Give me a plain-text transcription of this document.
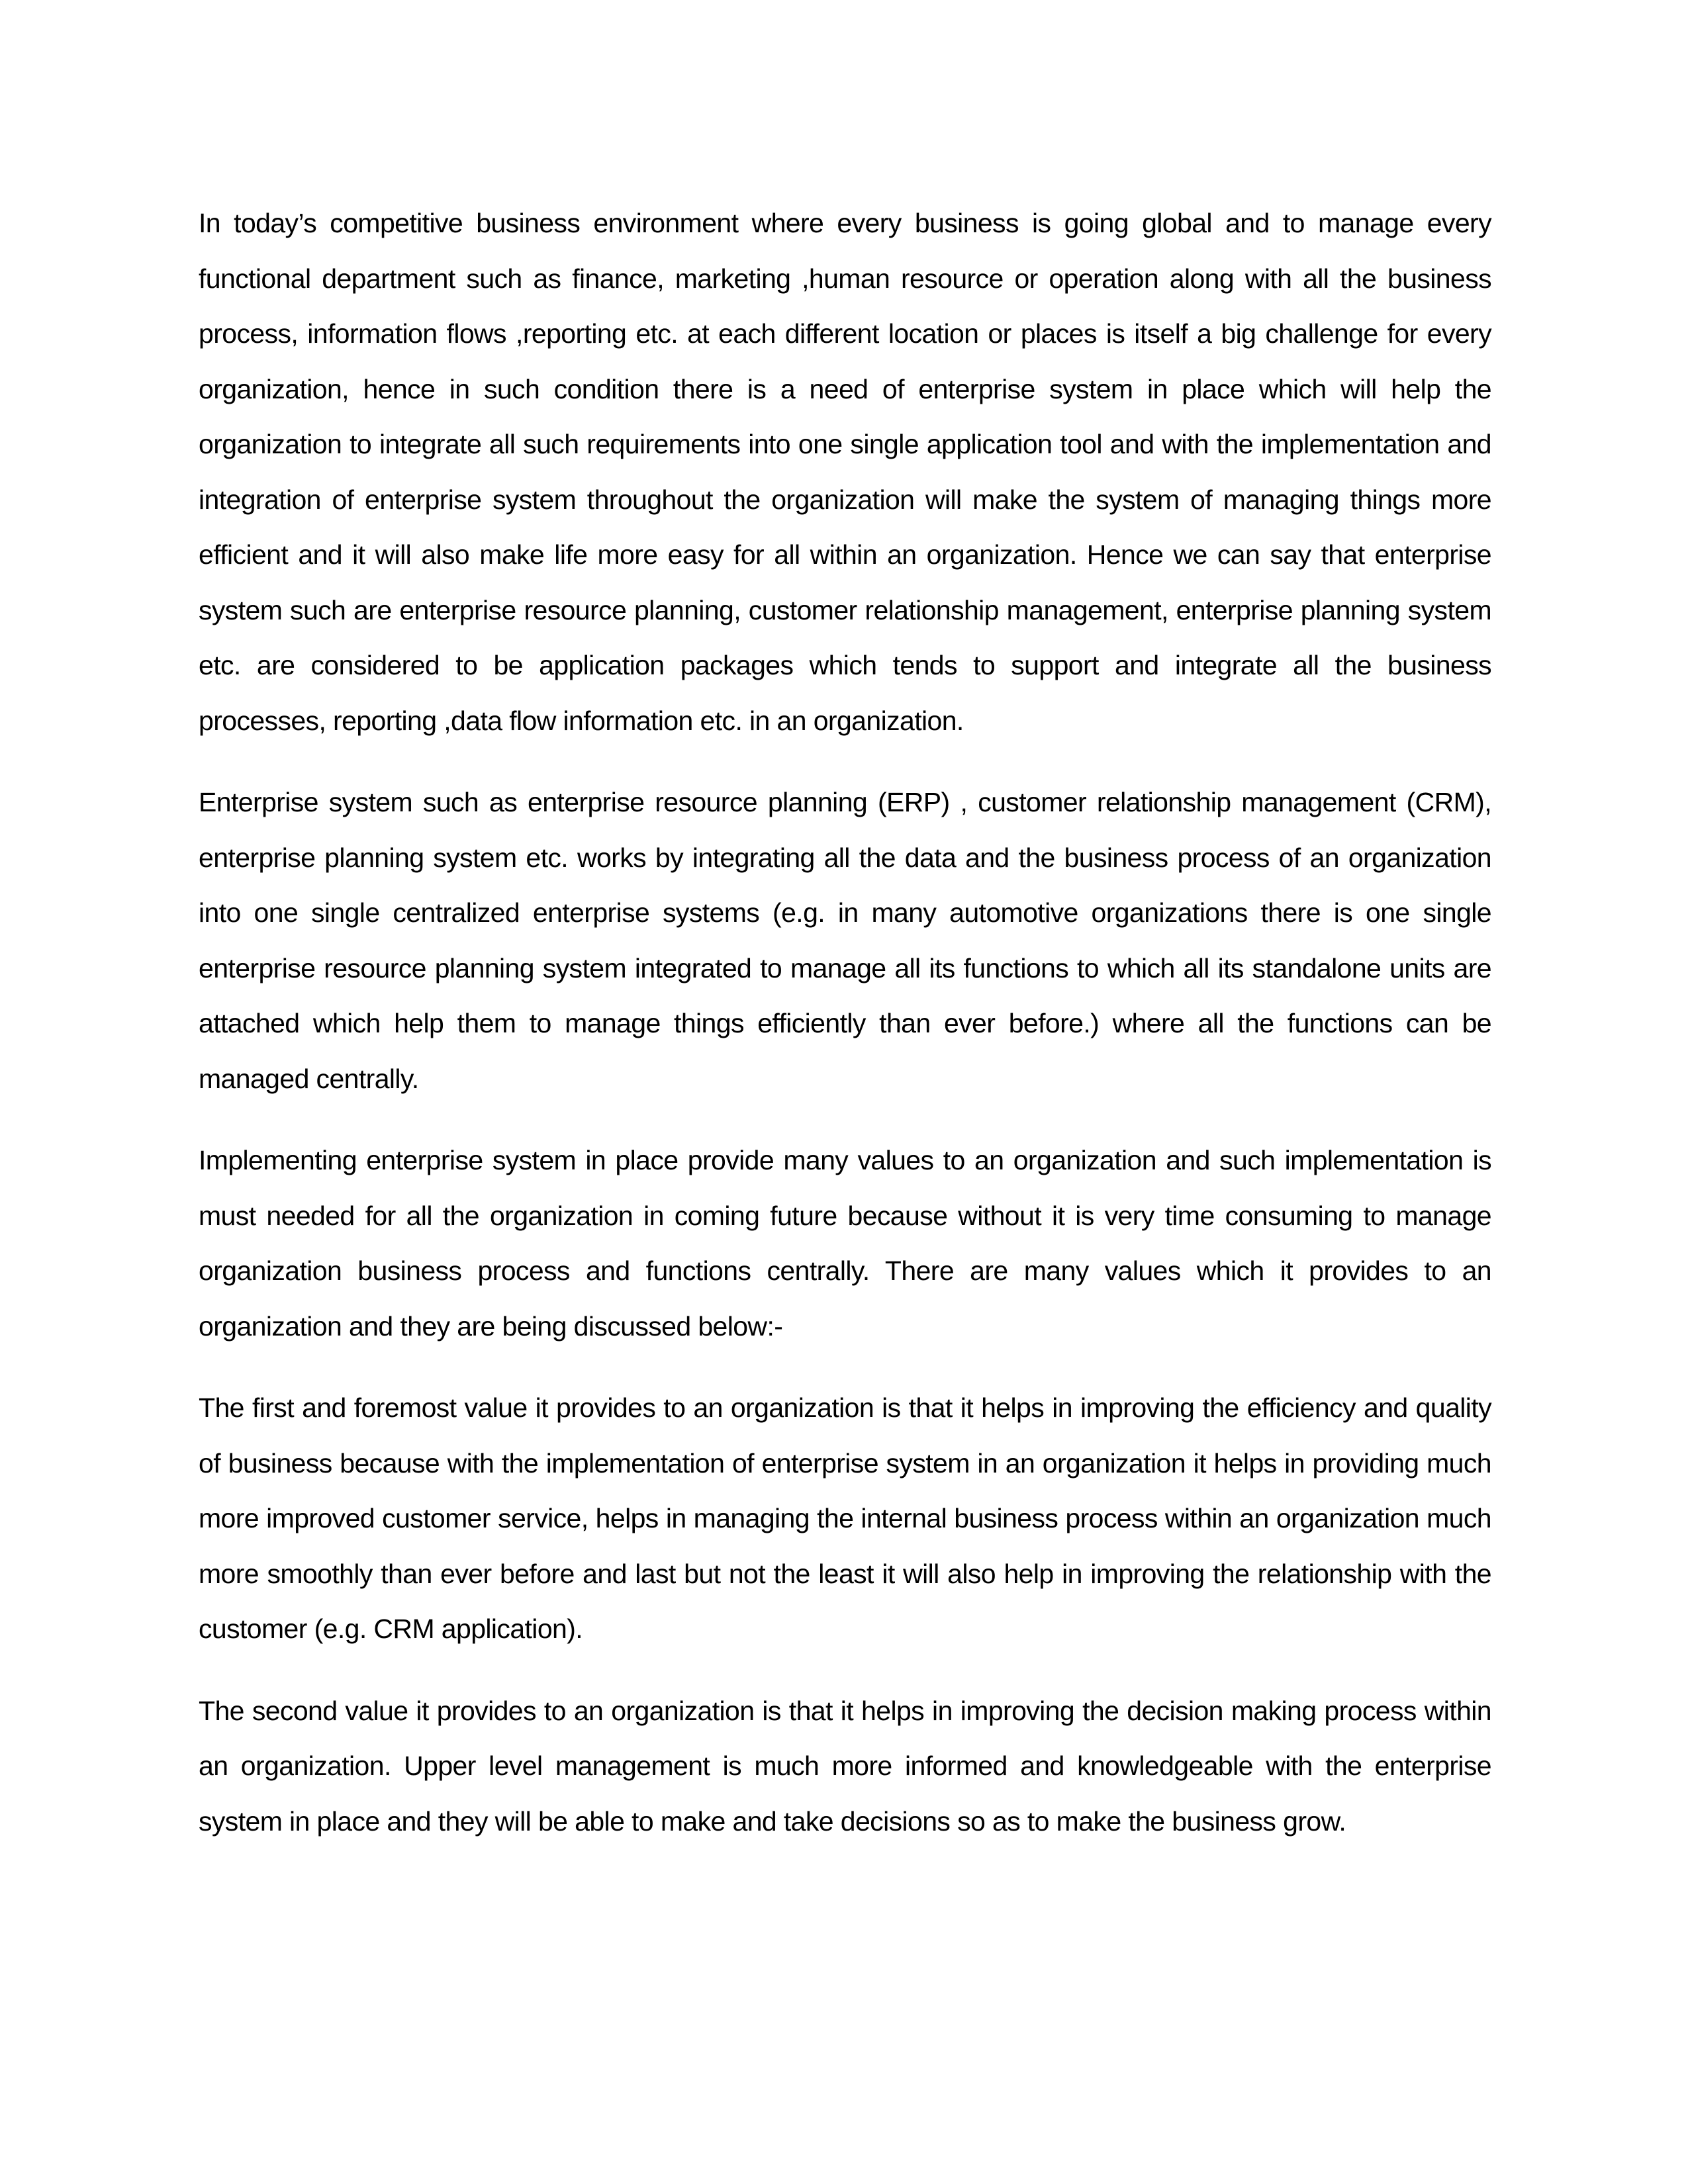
In today’s competitive business environment where every business is going global and to manage every functional department such as finance, marketing ,human resource or operation along with all the business process, information flows ,reporting etc. at each different location or places is itself a big challenge for every organization, hence in such condition there is a need of enterprise system in place which will help the organization to integrate all such requirements into one single application tool and with the implementation and integration of enterprise system throughout the organization will make the system of managing things more efficient and it will also make life more easy for all within an organization. Hence we can say that enterprise system such are enterprise resource planning, customer relationship management, enterprise planning system etc. are considered to be application packages which tends to support and integrate all the business processes, reporting ,data flow information etc. in an organization.

Enterprise system such as enterprise resource planning (ERP) , customer relationship management (CRM), enterprise planning system etc. works by integrating all the data and the business process of an organization into one single centralized enterprise systems (e.g. in many automotive organizations there is one single enterprise resource planning system integrated to manage all its functions to which all its standalone units are attached which help them to manage things efficiently than ever before.) where all the functions can be managed centrally.

Implementing enterprise system in place provide many values to an organization and such implementation is must needed for all the organization in coming future because without it is very time consuming to manage organization business process and functions centrally. There are many values which it provides to an organization and they are being discussed below:-

The first and foremost value it provides to an organization is that it helps in improving the efficiency and quality of business because with the implementation of enterprise system in an organization it helps in providing much more improved customer service, helps in managing the internal business process within an organization much more smoothly than ever before and last but not the least it will also help in improving the relationship with the customer (e.g. CRM application).

The second value it provides to an organization is that it helps in improving the decision making process within an organization. Upper level management is much more informed and knowledgeable with the enterprise system in place and they will be able to make and take decisions so as to make the business grow.
